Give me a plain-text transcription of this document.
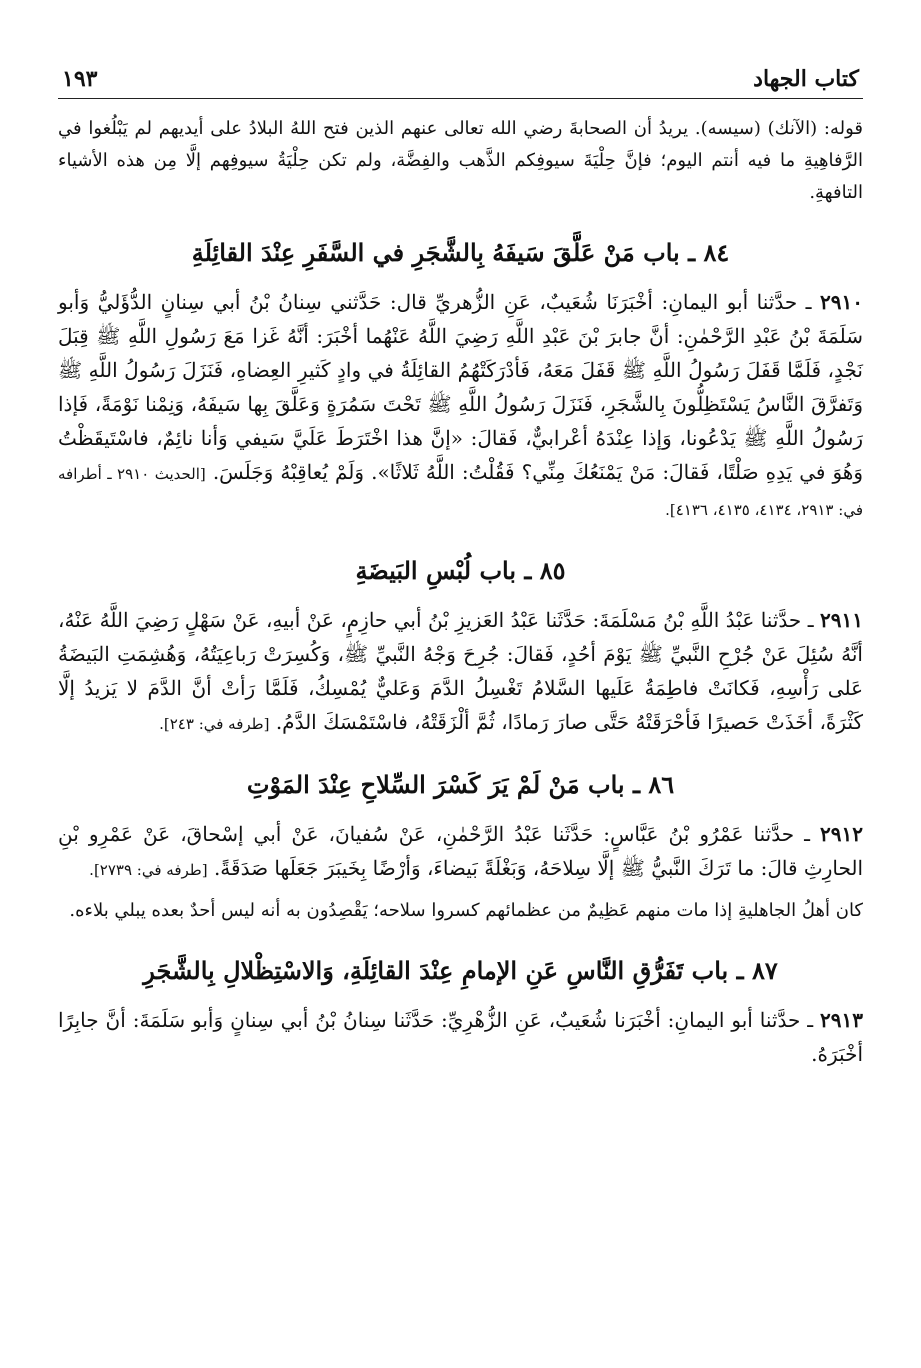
كتاب الجهاد
١٩٣

قوله: (الآنك) (سيسه). يريدُ أن الصحابةَ رضي الله تعالى عنهم الذين فتح اللهُ البلادُ على أيديهم لم يَبْلُغوا في الرَّفاهِيةِ ما فيه أنتم اليوم؛ فإنَّ حِلْيَةَ سيوفِكم الذَّهب والفِضَّة، ولم تكن حِلْيَةُ سيوفِهم إلَّا مِن هذه الأشياء التافهةِ.

٨٤ ـ باب مَنْ عَلَّقَ سَيفَهُ بِالشَّجَرِ في السَّفَرِ عِنْدَ القائِلَةِ
٢٩١٠ ـ حدَّثنا أبو اليمانِ: أخْبَرَنَا شُعَيبٌ، عَنِ الزُّهريِّ قال: حَدَّثني سِنانُ بْنُ أبي سِنانٍ الدُّؤَليُّ وَأبو سَلَمَةَ بْنُ عَبْدِ الرَّحْمٰنِ: أنَّ جابرَ بْنَ عَبْدِ اللَّهِ رَضِيَ اللَّهُ عَنْهُما أخْبَرَ: أنَّهُ غَزا مَعَ رَسُولِ اللَّهِ ﷺ قِبَلَ نَجْدٍ، فَلَمَّا قَفَلَ رَسُولُ اللَّهِ ﷺ قَفَلَ مَعَهُ، فَأدْرَكَتْهُمُ القائِلَةُ في وادٍ كَثيرِ العِضاهِ، فَنَزَلَ رَسُولُ اللَّهِ ﷺ وَتَفرَّقَ النَّاسُ يَسْتَظِلُّونَ بِالشَّجَرِ، فَنَزَلَ رَسُولُ اللَّهِ ﷺ تَحْتَ سَمُرَةٍ وَعَلَّقَ بِها سَيفَهُ، وَنِمْنا نَوْمَةً، فَإذا رَسُولُ اللَّهِ ﷺ يَدْعُونا، وَإذا عِنْدَهُ أعْرابيٌّ، فَقالَ: «إنَّ هذا اخْتَرَطَ عَلَيَّ سَيفي وَأنا نائِمٌ، فاسْتَيقَظْتُ وَهُوَ في يَدِهِ صَلْتًا، فَقالَ: مَنْ يَمْنَعُكَ مِنِّي؟ فَقُلْتُ: اللَّهُ ثَلاثًا». وَلَمْ يُعاقِبْهُ وَجَلَسَ. [الحديث ٢٩١٠ ـ أطرافه في: ٢٩١٣، ٤١٣٤، ٤١٣٥، ٤١٣٦].
٨٥ ـ باب لُبْسِ البَيضَةِ
٢٩١١ ـ حدَّثنا عَبْدُ اللَّهِ بْنُ مَسْلَمَةَ: حَدَّثَنا عَبْدُ العَزيزِ بْنُ أبي حازِمٍ، عَنْ أبيهِ، عَنْ سَهْلٍ رَضِيَ اللَّهُ عَنْهُ، أنَّهُ سُئِلَ عَنْ جُرْحِ النَّبيِّ ﷺ يَوْمَ أحُدٍ، فَقالَ: جُرِحَ وَجْهُ النَّبيِّ ﷺ، وَكُسِرَتْ رَباعِيَتُهُ، وَهُشِمَتِ البَيضَةُ عَلى رَأْسِهِ، فَكانَتْ فاطِمَةُ عَلَيها السَّلامُ تَغْسِلُ الدَّمَ وَعَليٌّ يُمْسِكُ، فَلَمَّا رَأتْ أنَّ الدَّمَ لا يَزيدُ إلَّا كَثْرَةً، أخَذَتْ حَصيرًا فَأحْرَقَتْهُ حَتَّى صارَ رَمادًا، ثُمَّ ألْزَقَتْهُ، فاسْتَمْسَكَ الدَّمُ. [طرفه في: ٢٤٣].
٨٦ ـ باب مَنْ لَمْ يَرَ كَسْرَ السِّلاحِ عِنْدَ المَوْتِ
٢٩١٢ ـ حدَّثنا عَمْرُو بْنُ عَبَّاسٍ: حَدَّثَنا عَبْدُ الرَّحْمٰنِ، عَنْ سُفيانَ، عَنْ أبي إسْحاقَ، عَنْ عَمْرِو بْنِ الحارِثِ قالَ: ما تَرَكَ النَّبيُّ ﷺ إلَّا سِلاحَهُ، وَبَغْلَةً بَيضاءَ، وَأرْضًا بِخَيبَرَ جَعَلَها صَدَقَةً. [طرفه في: ٢٧٣٩].

كان أهلُ الجاهليةِ إذا مات منهم عَظِيمٌ من عظمائهم كسروا سلاحه؛ يَقْصِدُون به أنه ليس أحدٌ بعده يبلي بلاءه.

٨٧ ـ باب تَفَرُّقِ النَّاسِ عَنِ الإمامِ عِنْدَ القائِلَةِ، وَالاسْتِظْلالِ بِالشَّجَرِ
٢٩١٣ ـ حدَّثنا أبو اليمانِ: أخْبَرَنا شُعَيبٌ، عَنِ الزُّهْرِيِّ: حَدَّثَنا سِنانُ بْنُ أبي سِنانٍ وَأبو سَلَمَةَ: أنَّ جابِرًا أخْبَرَهُ.
